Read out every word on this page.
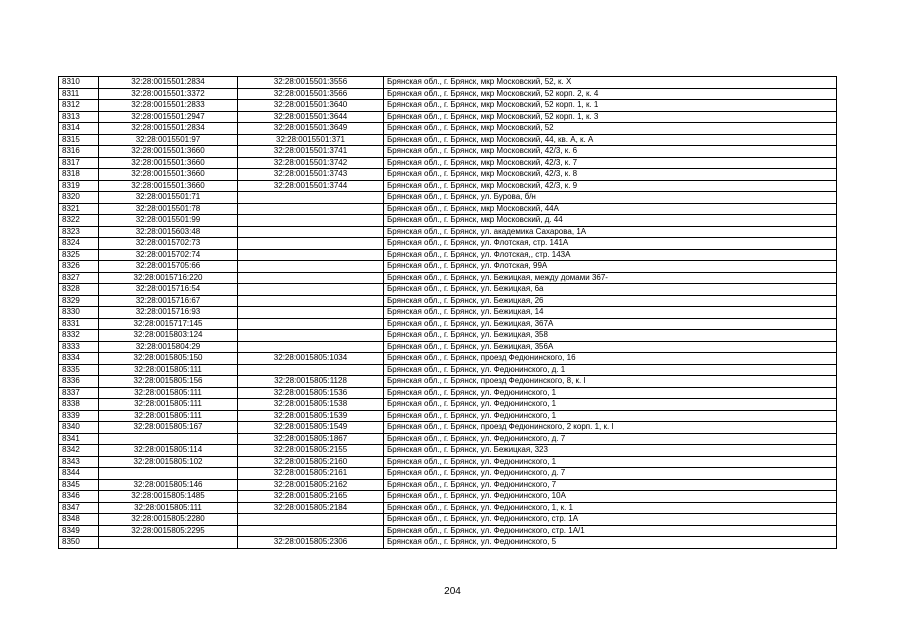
8310	32:28:0015501:2834	32:28:0015501:3556	Брянская обл., г. Брянск, мкр Московский, 52, к. Х
8311	32:28:0015501:3372	32:28:0015501:3566	Брянская обл., г. Брянск, мкр Московский, 52 корп. 2, к. 4
8312	32:28:0015501:2833	32:28:0015501:3640	Брянская обл., г. Брянск, мкр Московский, 52 корп. 1, к. 1
8313	32:28:0015501:2947	32:28:0015501:3644	Брянская обл., г. Брянск, мкр Московский, 52 корп. 1, к. 3
8314	32:28:0015501:2834	32:28:0015501:3649	Брянская обл., г. Брянск, мкр Московский, 52
8315	32:28:0015501:97	32:28:0015501:371	Брянская обл., г. Брянск, мкр Московский, 44, кв. А, к. А
8316	32:28:0015501:3660	32:28:0015501:3741	Брянская обл., г. Брянск, мкр Московский, 42/3, к. 6
8317	32:28:0015501:3660	32:28:0015501:3742	Брянская обл., г. Брянск, мкр Московский, 42/3, к. 7
8318	32:28:0015501:3660	32:28:0015501:3743	Брянская обл., г. Брянск, мкр Московский, 42/3, к. 8
8319	32:28:0015501:3660	32:28:0015501:3744	Брянская обл., г. Брянск, мкр Московский, 42/3, к. 9
8320	32:28:0015501:71		Брянская обл., г. Брянск, ул. Бурова, б/н
8321	32:28:0015501:78		Брянская обл., г. Брянск, мкр Московский, 44А
8322	32:28:0015501:99		Брянская обл., г. Брянск, мкр Московский, д. 44
8323	32:28:0015603:48		Брянская обл., г. Брянск, ул. академика Сахарова, 1А
8324	32:28:0015702:73		Брянская обл., г. Брянск, ул. Флотская, стр. 141А
8325	32:28:0015702:74		Брянская обл., г. Брянск, ул. Флотская,, стр. 143А
8326	32:28:0015705:66		Брянская обл., г. Брянск, ул. Флотская, 99А
8327	32:28:0015716:220		Брянская обл., г. Брянск, ул. Бежицкая, между домами 367-
8328	32:28:0015716:54		Брянская обл., г. Брянск, ул. Бежицкая, 6а
8329	32:28:0015716:67		Брянская обл., г. Брянск, ул. Бежицкая, 26
8330	32:28:0015716:93		Брянская обл., г. Брянск, ул. Бежицкая, 14
8331	32:28:0015717:145		Брянская обл., г. Брянск, ул. Бежицкая, 367А
8332	32:28:0015803:124		Брянская обл., г. Брянск, ул. Бежицкая, 358
8333	32:28:0015804:29		Брянская обл., г. Брянск, ул. Бежицкая, 356А
8334	32:28:0015805:150	32:28:0015805:1034	Брянская обл., г. Брянск, проезд Федюнинского, 16
8335	32:28:0015805:111		Брянская обл., г. Брянск, ул. Федюнинского, д. 1
8336	32:28:0015805:156	32:28:0015805:1128	Брянская обл., г. Брянск, проезд Федюнинского, 8, к. I
8337	32:28:0015805:111	32:28:0015805:1536	Брянская обл., г. Брянск, ул. Федюнинского, 1
8338	32:28:0015805:111	32:28:0015805:1538	Брянская обл., г. Брянск, ул. Федюнинского, 1
8339	32:28:0015805:111	32:28:0015805:1539	Брянская обл., г. Брянск, ул. Федюнинского, 1
8340	32:28:0015805:167	32:28:0015805:1549	Брянская обл., г. Брянск, проезд Федюнинского, 2 корп. 1, к. I
8341		32:28:0015805:1867	Брянская обл., г. Брянск, ул. Федюнинского, д. 7
8342	32:28:0015805:114	32:28:0015805:2155	Брянская обл., г. Брянск, ул. Бежицкая, 323
8343	32:28:0015805:102	32:28:0015805:2160	Брянская обл., г. Брянск, ул. Федюнинского, 1
8344		32:28:0015805:2161	Брянская обл., г. Брянск, ул. Федюнинского, д. 7
8345	32:28:0015805:146	32:28:0015805:2162	Брянская обл., г. Брянск, ул. Федюнинского, 7
8346	32:28:0015805:1485	32:28:0015805:2165	Брянская обл., г. Брянск, ул. Федюнинского, 10А
8347	32:28:0015805:111	32:28:0015805:2184	Брянская обл., г. Брянск, ул. Федюнинского, 1, к. 1
8348	32:28:0015805:2280		Брянская обл., г. Брянск, ул. Федюнинского, стр. 1А
8349	32:28:0015805:2295		Брянская обл., г. Брянск, ул. Федюнинского, стр. 1А/1
8350		32:28:0015805:2306	Брянская обл., г. Брянск, ул. Федюнинского, 5
204
